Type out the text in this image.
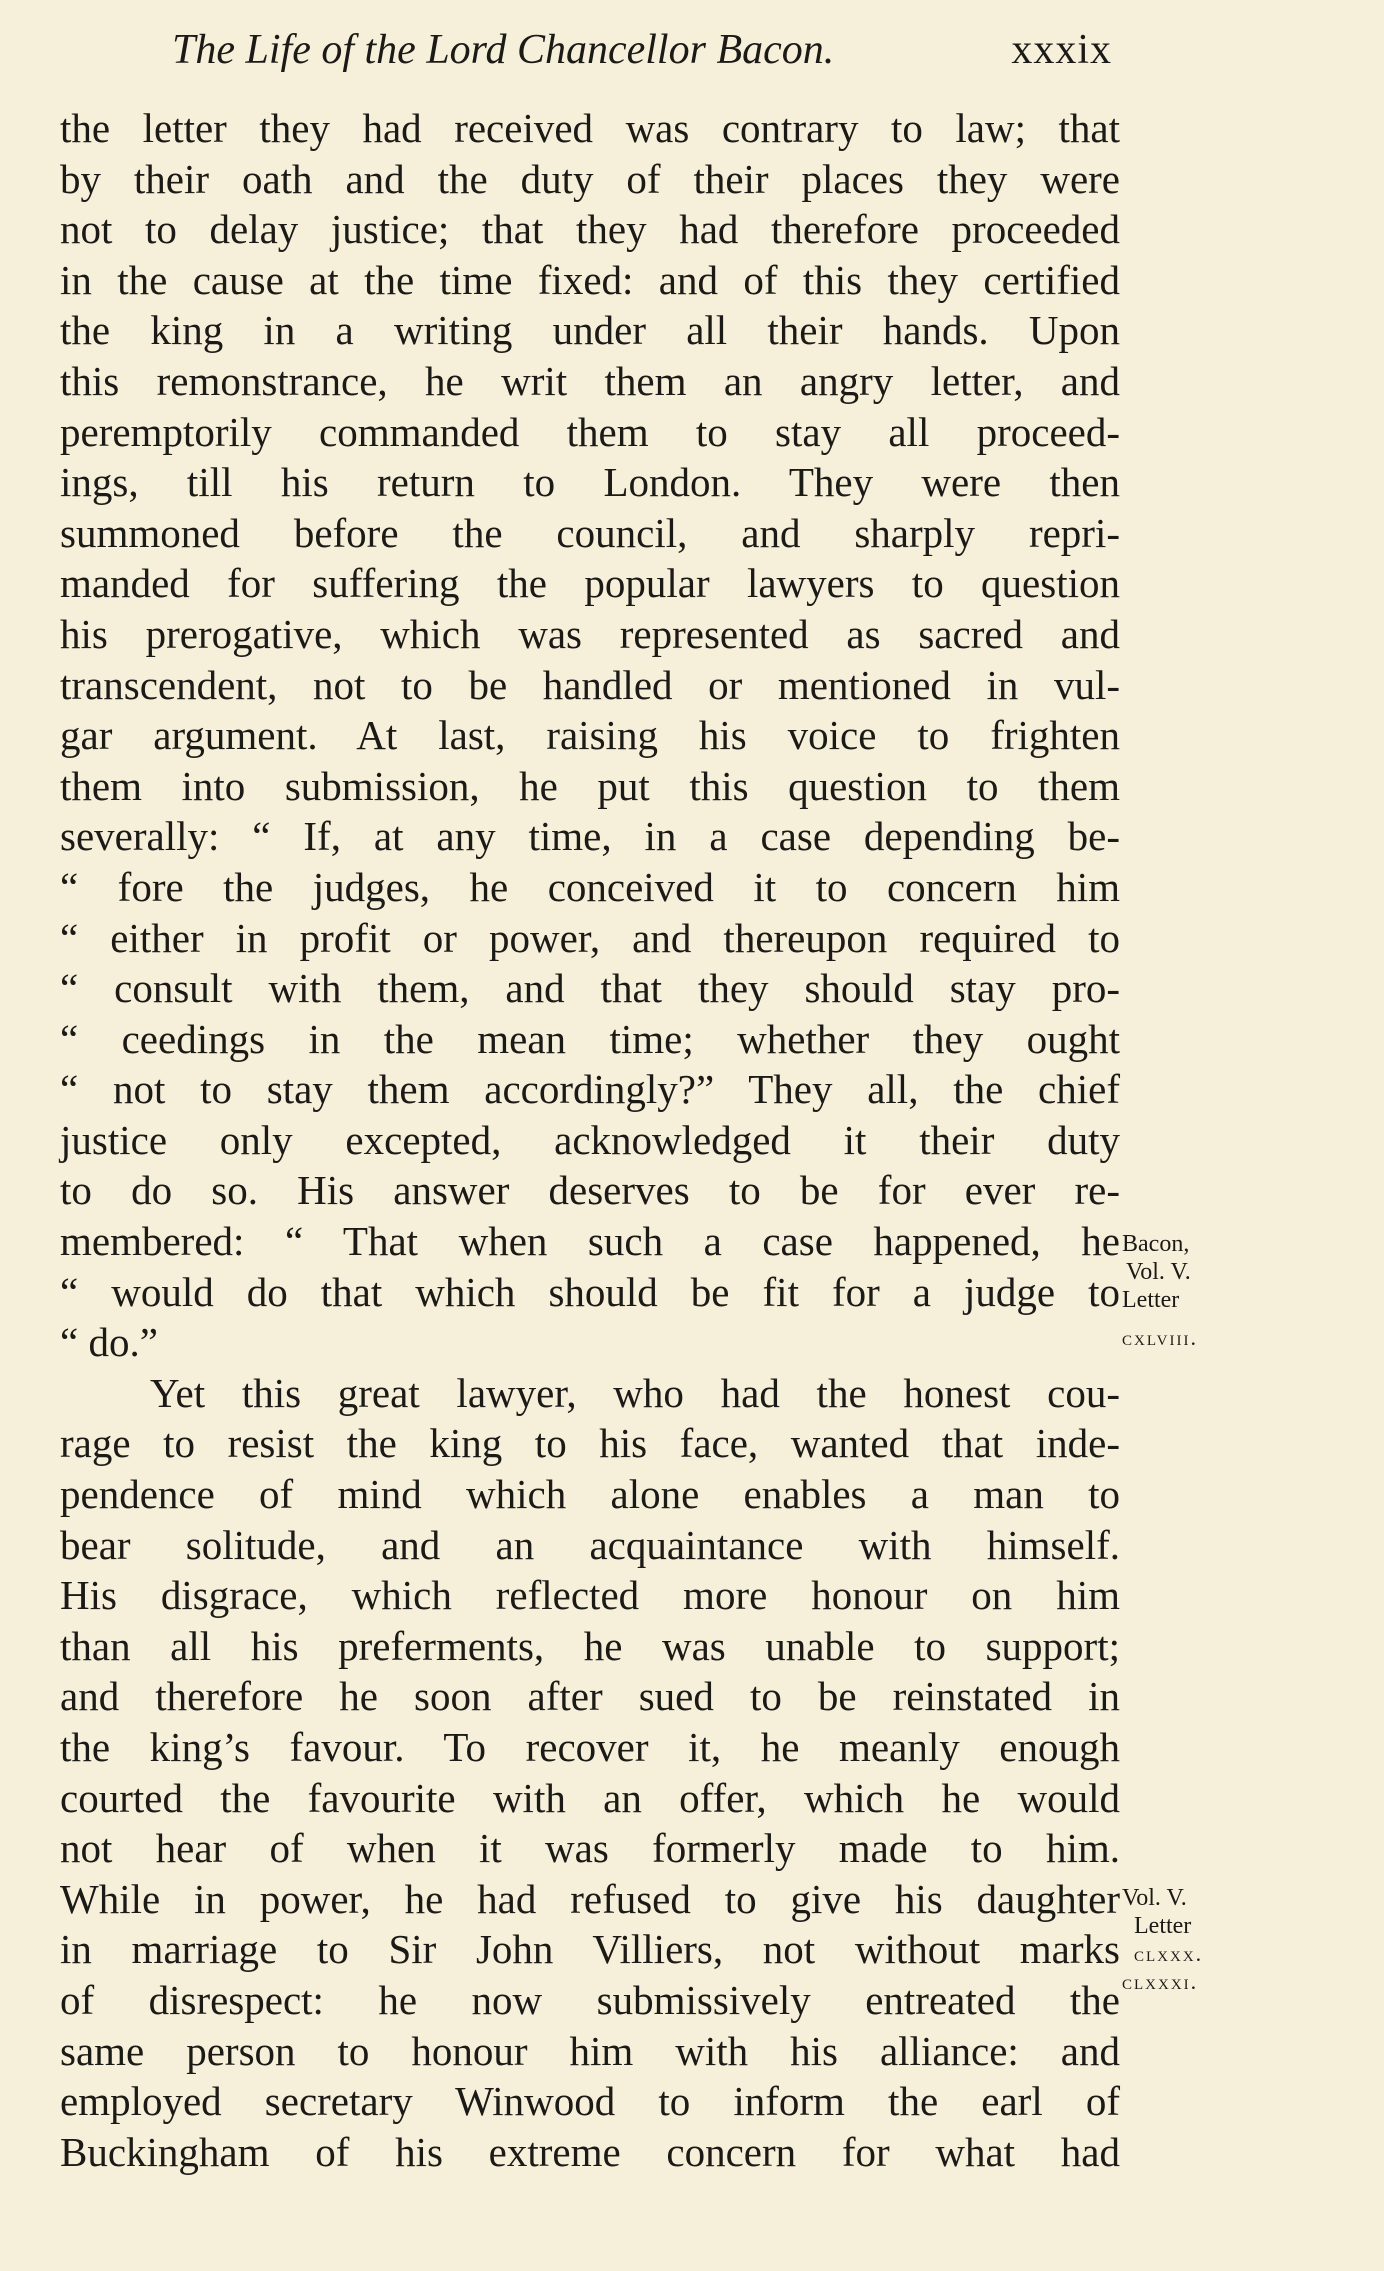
The Life of the Lord Chancellor Bacon.	xxxix
the letter they had received was contrary to law; that
by their oath and the duty of their places they were
not to delay justice; that they had therefore proceeded
in the cause at the time fixed: and of this they certified
the king in a writing under all their hands. Upon
this remonstrance, he writ them an angry letter, and
peremptorily commanded them to stay all proceed-
ings, till his return to London. They were then
summoned before the council, and sharply repri-
manded for suffering the popular lawyers to question
his prerogative, which was represented as sacred and
transcendent, not to be handled or mentioned in vul-
gar argument. At last, raising his voice to frighten
them into submission, he put this question to them
severally: “ If, at any time, in a case depending be-
“ fore the judges, he conceived it to concern him
“ either in profit or power, and thereupon required to
“ consult with them, and that they should stay pro-
“ ceedings in the mean time; whether they ought
“ not to stay them accordingly?” They all, the chief
justice only excepted, acknowledged it their duty
to do so. His answer deserves to be for ever re-
membered: “ That when such a case happened, he
“ would do that which should be fit for a judge to
“ do.”
Yet this great lawyer, who had the honest cou-
rage to resist the king to his face, wanted that inde-
pendence of mind which alone enables a man to
bear solitude, and an acquaintance with himself.
His disgrace, which reflected more honour on him
than all his preferments, he was unable to support;
and therefore he soon after sued to be reinstated in
the king’s favour. To recover it, he meanly enough
courted the favourite with an offer, which he would
not hear of when it was formerly made to him.
While in power, he had refused to give his daughter
in marriage to Sir John Villiers, not without marks
of disrespect: he now submissively entreated the
same person to honour him with his alliance: and
employed secretary Winwood to inform the earl of
Buckingham of his extreme concern for what had
Bacon,
Vol. V.
Letter
cxlviii.
Vol. V.
Letter
clxxx.
clxxxi.
